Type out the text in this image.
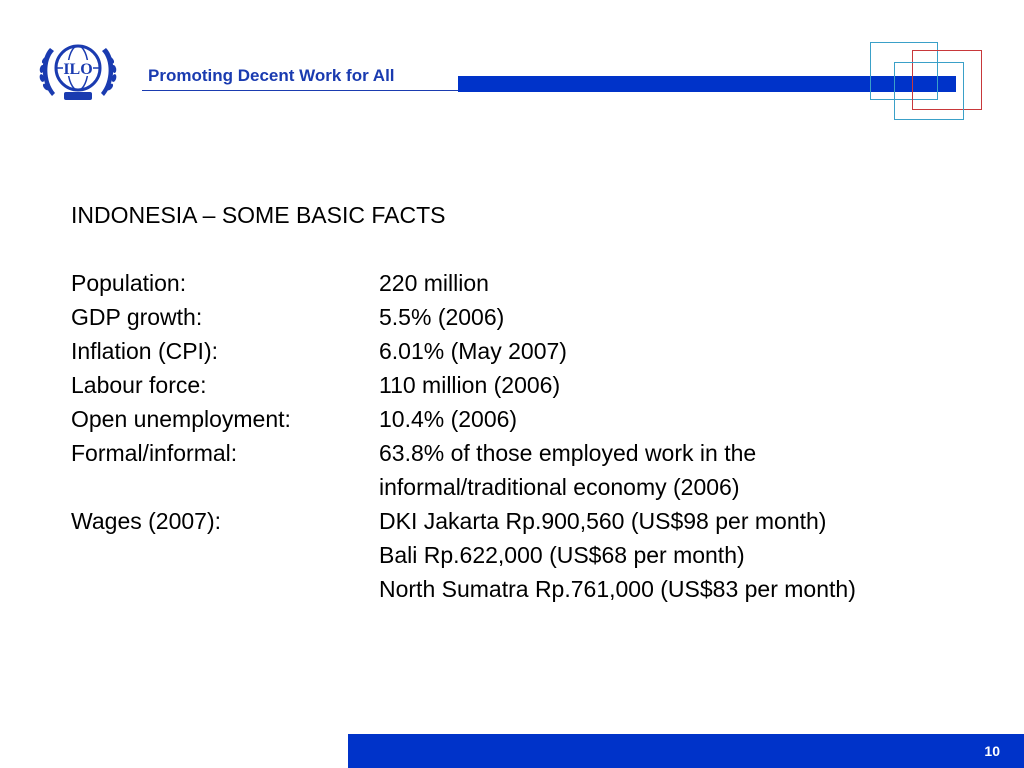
ILO	Promoting Decent Work for All
INDONESIA – SOME BASIC FACTS
Population:	220 million
GDP growth:	5.5% (2006)
Inflation (CPI):	6.01% (May 2007)
Labour force:	110 million (2006)
Open unemployment:	10.4% (2006)
Formal/informal:	63.8% of those employed work in the
informal/traditional economy (2006)
Wages (2007):	DKI Jakarta Rp.900,560 (US$98 per month)
Bali Rp.622,000 (US$68 per month)
North Sumatra Rp.761,000 (US$83 per month)
10
